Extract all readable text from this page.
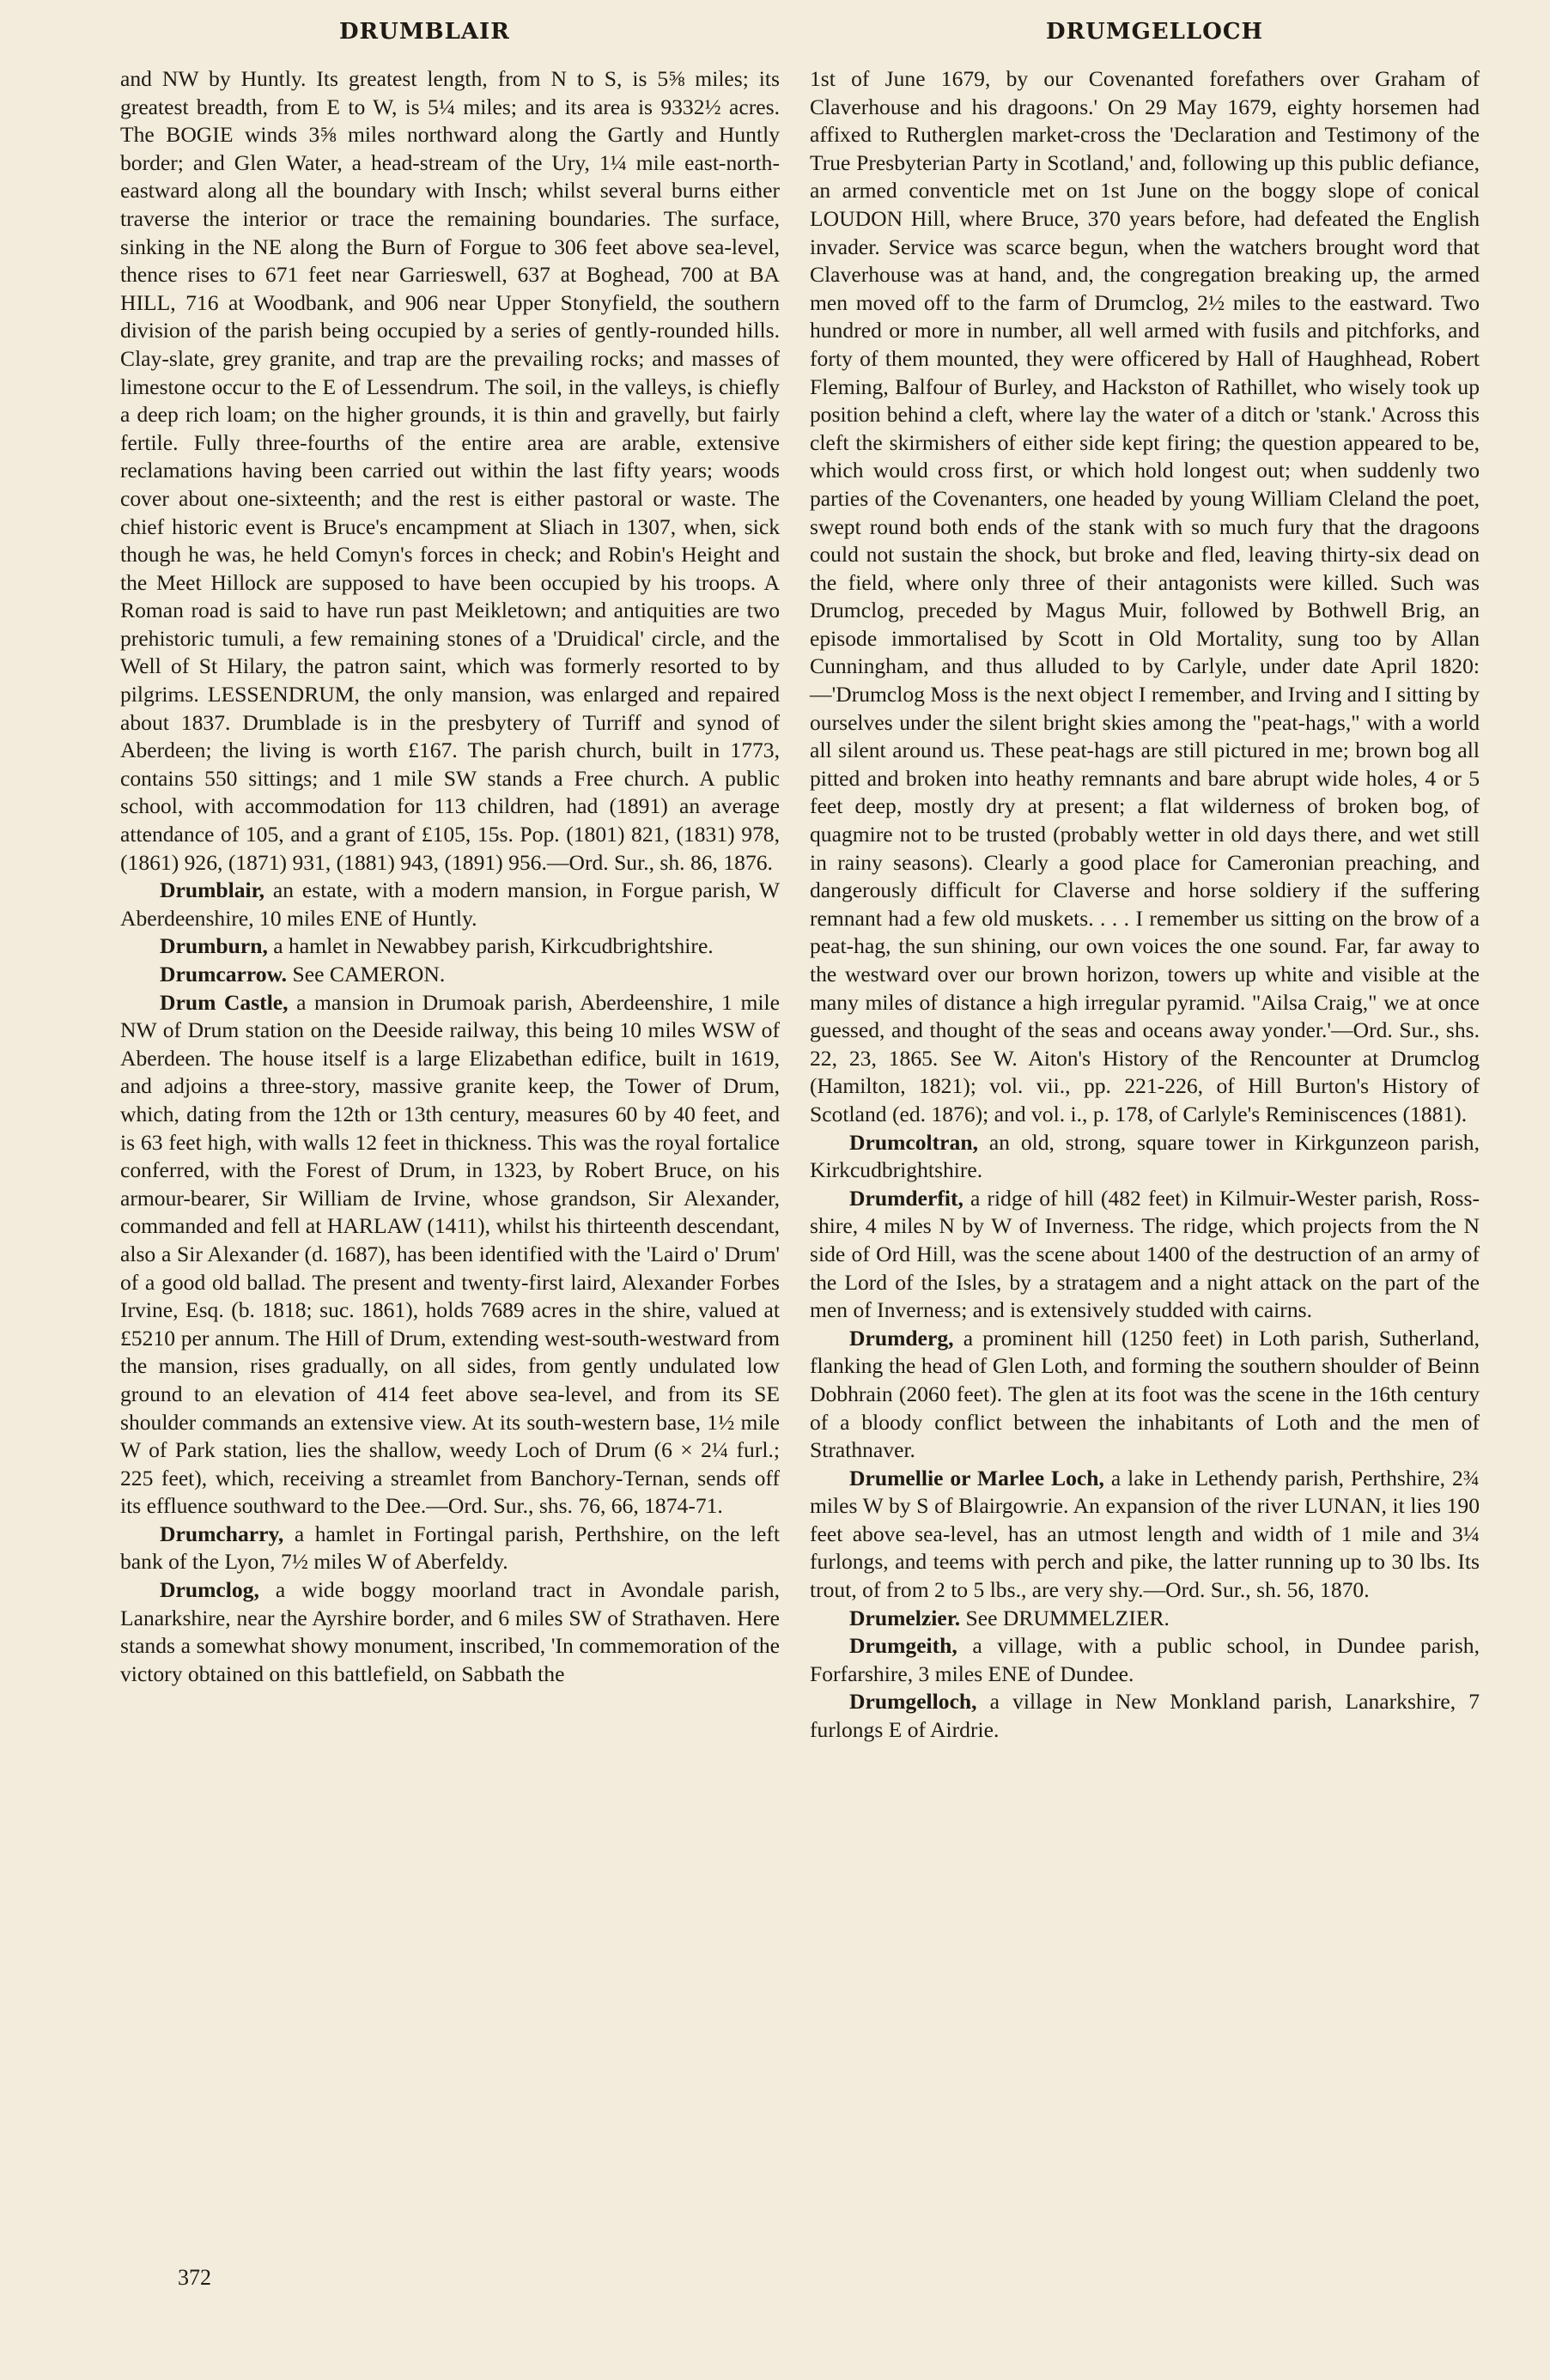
DRUMBLAIR	DRUMGELLOCH

and NW by Huntly. Its greatest length, from N to S, is 5⅝ miles; its greatest breadth, from E to W, is 5¼ miles; and its area is 9332½ acres. The BOGIE winds 3⅝ miles northward along the Gartly and Huntly border; and Glen Water, a head-stream of the Ury, 1¼ mile east-north-eastward along all the boundary with Insch; whilst several burns either traverse the interior or trace the remaining boundaries. The surface, sinking in the NE along the Burn of Forgue to 306 feet above sea-level, thence rises to 671 feet near Garrieswell, 637 at Boghead, 700 at BA HILL, 716 at Woodbank, and 906 near Upper Stonyfield, the southern division of the parish being occupied by a series of gently-rounded hills. Clay-slate, grey granite, and trap are the prevailing rocks; and masses of limestone occur to the E of Lessendrum. The soil, in the valleys, is chiefly a deep rich loam; on the higher grounds, it is thin and gravelly, but fairly fertile. Fully three-fourths of the entire area are arable, extensive reclamations having been carried out within the last fifty years; woods cover about one-sixteenth; and the rest is either pastoral or waste. The chief historic event is Bruce's encampment at Sliach in 1307, when, sick though he was, he held Comyn's forces in check; and Robin's Height and the Meet Hillock are supposed to have been occupied by his troops. A Roman road is said to have run past Meikletown; and antiquities are two prehistoric tumuli, a few remaining stones of a 'Druidical' circle, and the Well of St Hilary, the patron saint, which was formerly resorted to by pilgrims. LESSENDRUM, the only mansion, was enlarged and repaired about 1837. Drumblade is in the presbytery of Turriff and synod of Aberdeen; the living is worth £167. The parish church, built in 1773, contains 550 sittings; and 1 mile SW stands a Free church. A public school, with accommodation for 113 children, had (1891) an average attendance of 105, and a grant of £105, 15s. Pop. (1801) 821, (1831) 978, (1861) 926, (1871) 931, (1881) 943, (1891) 956.—Ord. Sur., sh. 86, 1876.

Drumblair, an estate, with a modern mansion, in Forgue parish, W Aberdeenshire, 10 miles ENE of Huntly.

Drumburn, a hamlet in Newabbey parish, Kirkcudbrightshire.

Drumcarrow. See CAMERON.

Drum Castle, a mansion in Drumoak parish, Aberdeenshire, 1 mile NW of Drum station on the Deeside railway, this being 10 miles WSW of Aberdeen. The house itself is a large Elizabethan edifice, built in 1619, and adjoins a three-story, massive granite keep, the Tower of Drum, which, dating from the 12th or 13th century, measures 60 by 40 feet, and is 63 feet high, with walls 12 feet in thickness. This was the royal fortalice conferred, with the Forest of Drum, in 1323, by Robert Bruce, on his armour-bearer, Sir William de Irvine, whose grandson, Sir Alexander, commanded and fell at HARLAW (1411), whilst his thirteenth descendant, also a Sir Alexander (d. 1687), has been identified with the 'Laird o' Drum' of a good old ballad. The present and twenty-first laird, Alexander Forbes Irvine, Esq. (b. 1818; suc. 1861), holds 7689 acres in the shire, valued at £5210 per annum. The Hill of Drum, extending west-south-westward from the mansion, rises gradually, on all sides, from gently undulated low ground to an elevation of 414 feet above sea-level, and from its SE shoulder commands an extensive view. At its south-western base, 1½ mile W of Park station, lies the shallow, weedy Loch of Drum (6 × 2¼ furl.; 225 feet), which, receiving a streamlet from Banchory-Ternan, sends off its effluence southward to the Dee.—Ord. Sur., shs. 76, 66, 1874-71.

Drumcharry, a hamlet in Fortingal parish, Perthshire, on the left bank of the Lyon, 7½ miles W of Aberfeldy.

Drumclog, a wide boggy moorland tract in Avondale parish, Lanarkshire, near the Ayrshire border, and 6 miles SW of Strathaven. Here stands a somewhat showy monument, inscribed, 'In commemoration of the victory obtained on this battlefield, on Sabbath the

1st of June 1679, by our Covenanted forefathers over Graham of Claverhouse and his dragoons.' On 29 May 1679, eighty horsemen had affixed to Rutherglen market-cross the 'Declaration and Testimony of the True Presbyterian Party in Scotland,' and, following up this public defiance, an armed conventicle met on 1st June on the boggy slope of conical LOUDON Hill, where Bruce, 370 years before, had defeated the English invader. Service was scarce begun, when the watchers brought word that Claverhouse was at hand, and, the congregation breaking up, the armed men moved off to the farm of Drumclog, 2½ miles to the eastward. Two hundred or more in number, all well armed with fusils and pitchforks, and forty of them mounted, they were officered by Hall of Haughhead, Robert Fleming, Balfour of Burley, and Hackston of Rathillet, who wisely took up position behind a cleft, where lay the water of a ditch or 'stank.' Across this cleft the skirmishers of either side kept firing; the question appeared to be, which would cross first, or which hold longest out; when suddenly two parties of the Covenanters, one headed by young William Cleland the poet, swept round both ends of the stank with so much fury that the dragoons could not sustain the shock, but broke and fled, leaving thirty-six dead on the field, where only three of their antagonists were killed. Such was Drumclog, preceded by Magus Muir, followed by Bothwell Brig, an episode immortalised by Scott in Old Mortality, sung too by Allan Cunningham, and thus alluded to by Carlyle, under date April 1820:—'Drumclog Moss is the next object I remember, and Irving and I sitting by ourselves under the silent bright skies among the "peat-hags," with a world all silent around us. These peat-hags are still pictured in me; brown bog all pitted and broken into heathy remnants and bare abrupt wide holes, 4 or 5 feet deep, mostly dry at present; a flat wilderness of broken bog, of quagmire not to be trusted (probably wetter in old days there, and wet still in rainy seasons). Clearly a good place for Cameronian preaching, and dangerously difficult for Claverse and horse soldiery if the suffering remnant had a few old muskets. . . . I remember us sitting on the brow of a peat-hag, the sun shining, our own voices the one sound. Far, far away to the westward over our brown horizon, towers up white and visible at the many miles of distance a high irregular pyramid. "Ailsa Craig," we at once guessed, and thought of the seas and oceans away yonder.'—Ord. Sur., shs. 22, 23, 1865. See W. Aiton's History of the Rencounter at Drumclog (Hamilton, 1821); vol. vii., pp. 221-226, of Hill Burton's History of Scotland (ed. 1876); and vol. i., p. 178, of Carlyle's Reminiscences (1881).

Drumcoltran, an old, strong, square tower in Kirkgunzeon parish, Kirkcudbrightshire.

Drumderfit, a ridge of hill (482 feet) in Kilmuir-Wester parish, Ross-shire, 4 miles N by W of Inverness. The ridge, which projects from the N side of Ord Hill, was the scene about 1400 of the destruction of an army of the Lord of the Isles, by a stratagem and a night attack on the part of the men of Inverness; and is extensively studded with cairns.

Drumderg, a prominent hill (1250 feet) in Loth parish, Sutherland, flanking the head of Glen Loth, and forming the southern shoulder of Beinn Dobhrain (2060 feet). The glen at its foot was the scene in the 16th century of a bloody conflict between the inhabitants of Loth and the men of Strathnaver.

Drumellie or Marlee Loch, a lake in Lethendy parish, Perthshire, 2¾ miles W by S of Blairgowrie. An expansion of the river LUNAN, it lies 190 feet above sea-level, has an utmost length and width of 1 mile and 3¼ furlongs, and teems with perch and pike, the latter running up to 30 lbs. Its trout, of from 2 to 5 lbs., are very shy.—Ord. Sur., sh. 56, 1870.

Drumelzier. See DRUMMELZIER.

Drumgeith, a village, with a public school, in Dundee parish, Forfarshire, 3 miles ENE of Dundee.

Drumgelloch, a village in New Monkland parish, Lanarkshire, 7 furlongs E of Airdrie.

372
